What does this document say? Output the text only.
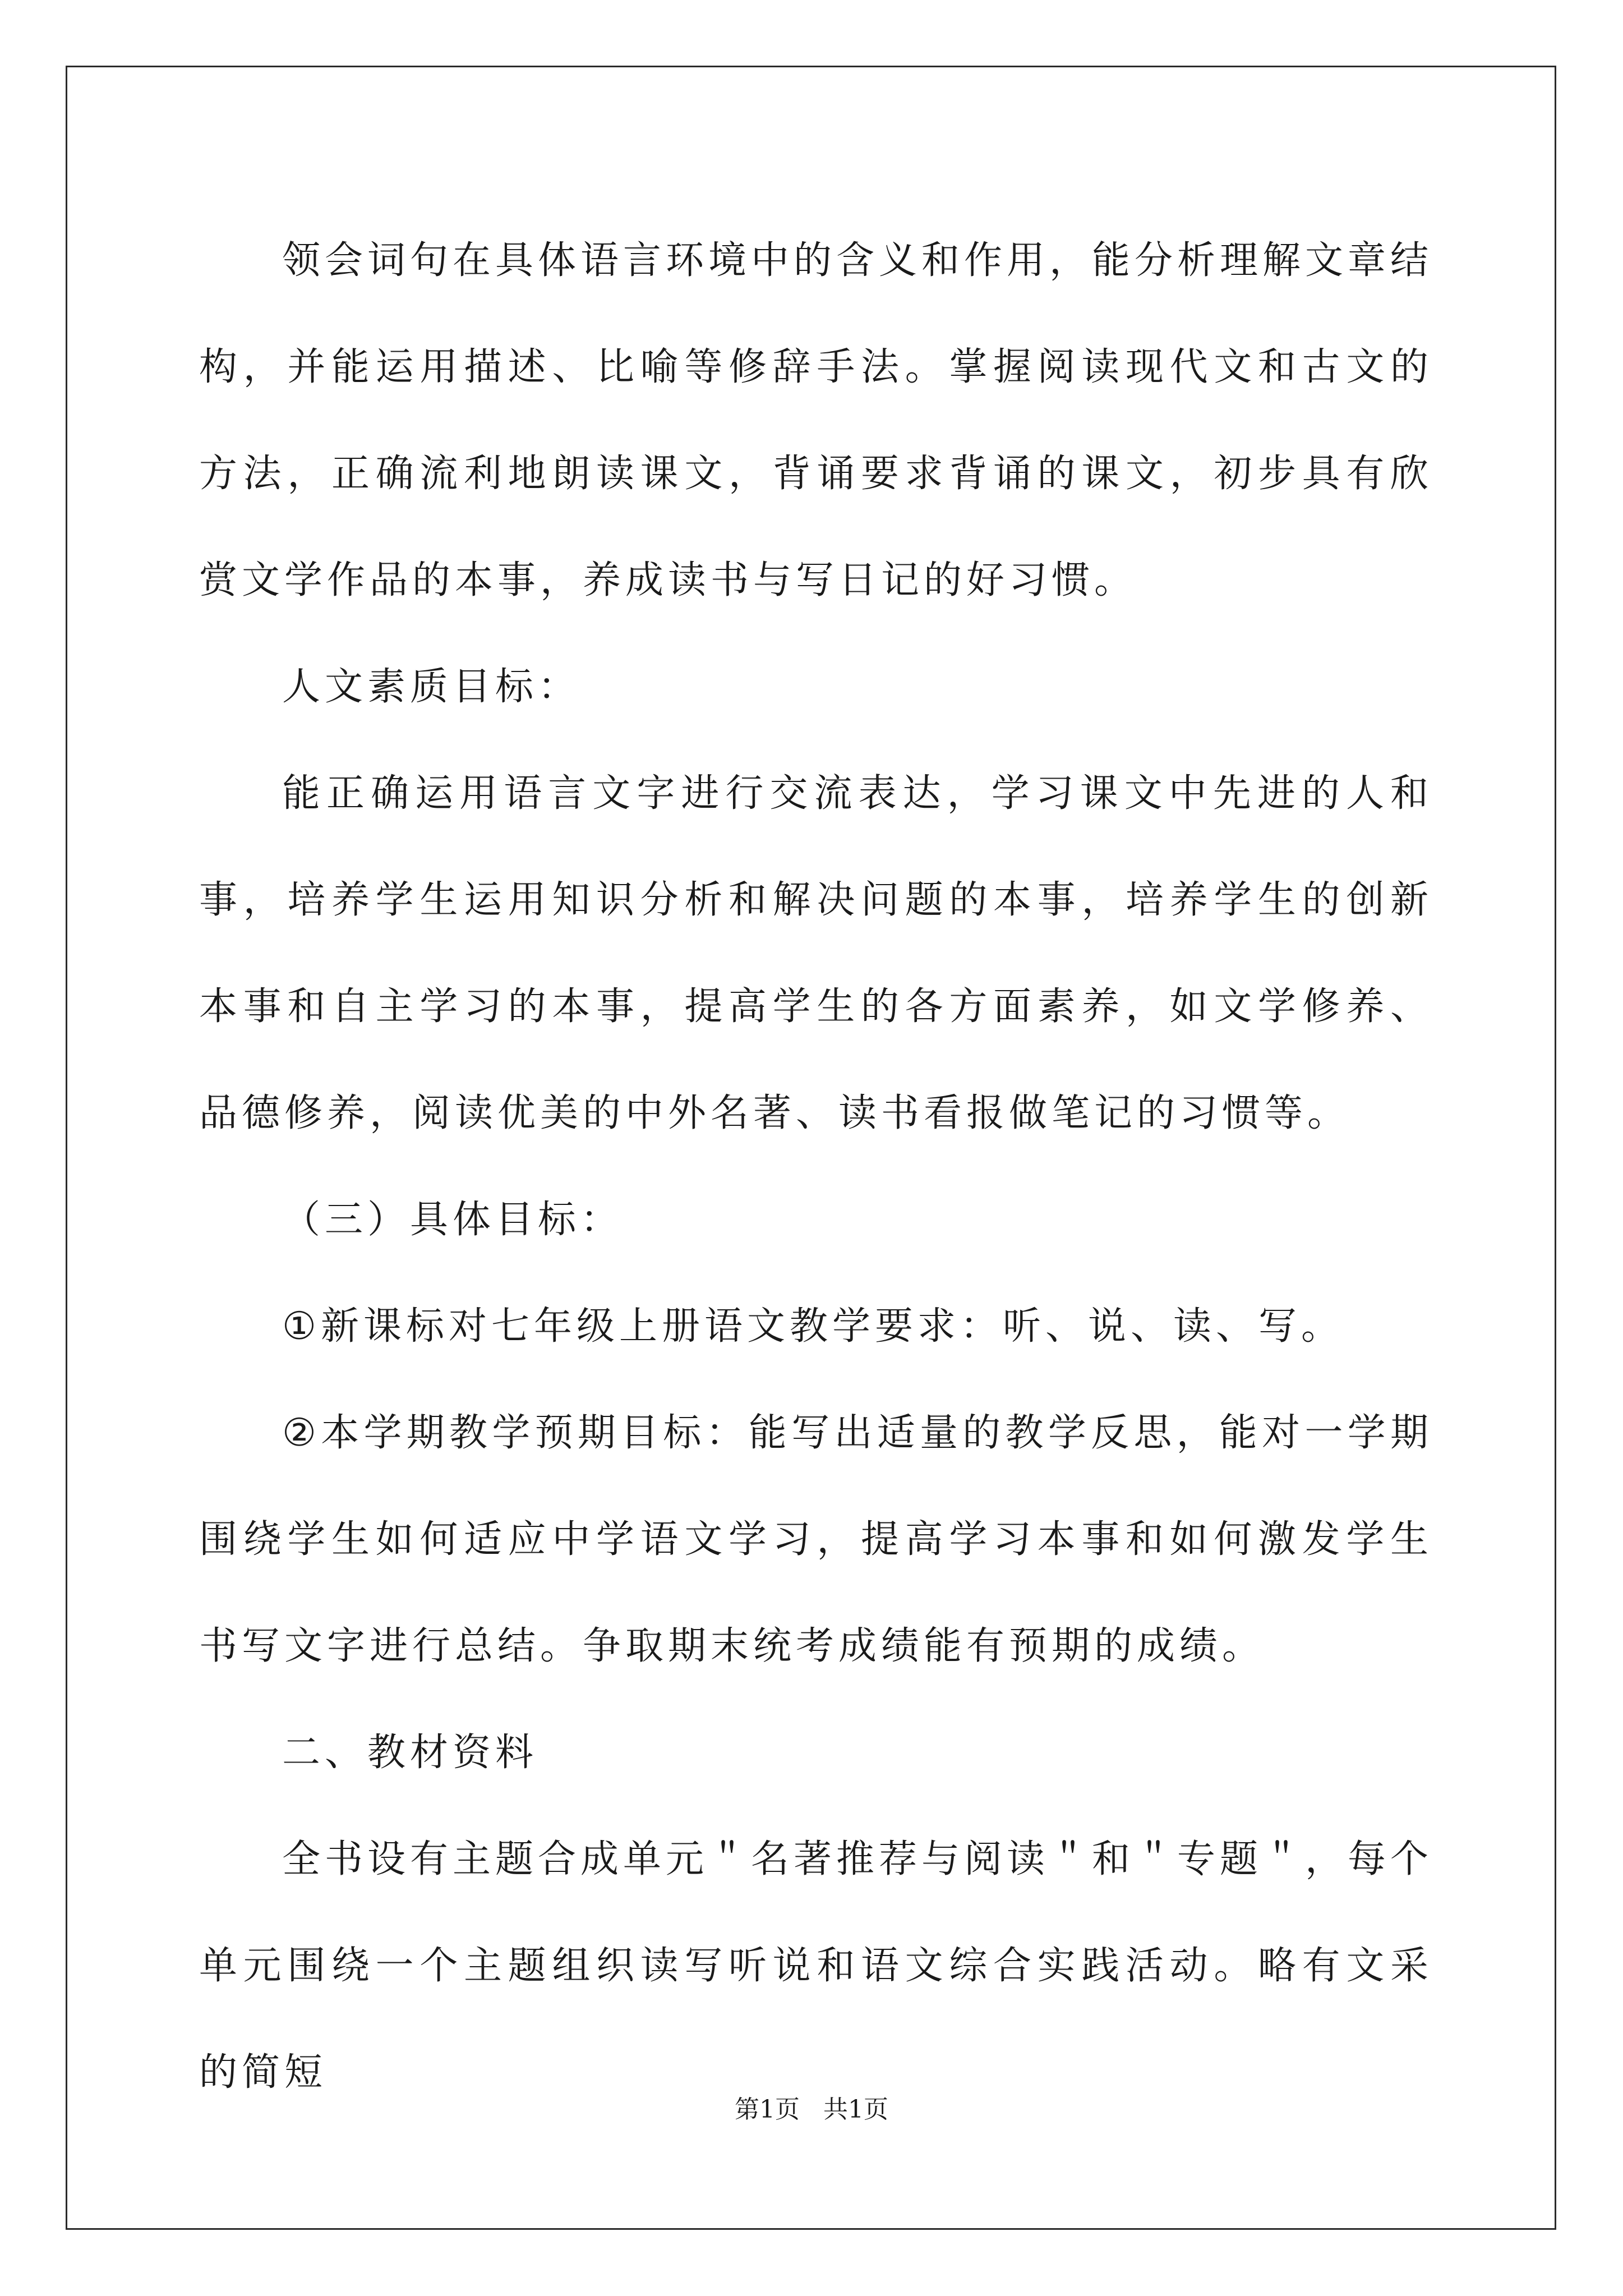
领会词句在具体语言环境中的含义和作用，能分析理解文章结构，并能运用描述、比喻等修辞手法。掌握阅读现代文和古文的方法，正确流利地朗读课文，背诵要求背诵的课文，初步具有欣赏文学作品的本事，养成读书与写日记的好习惯。

人文素质目标：

能正确运用语言文字进行交流表达，学习课文中先进的人和事，培养学生运用知识分析和解决问题的本事，培养学生的创新本事和自主学习的本事，提高学生的各方面素养，如文学修养、品德修养，阅读优美的中外名著、读书看报做笔记的习惯等。

（三）具体目标：

①新课标对七年级上册语文教学要求：听、说、读、写。

②本学期教学预期目标：能写出适量的教学反思，能对一学期围绕学生如何适应中学语文学习，提高学习本事和如何激发学生书写文字进行总结。争取期末统考成绩能有预期的成绩。

二、教材资料

全书设有主题合成单元＂名著推荐与阅读＂和＂专题＂，每个单元围绕一个主题组织读写听说和语文综合实践活动。略有文采的简短

第1页 共1页
